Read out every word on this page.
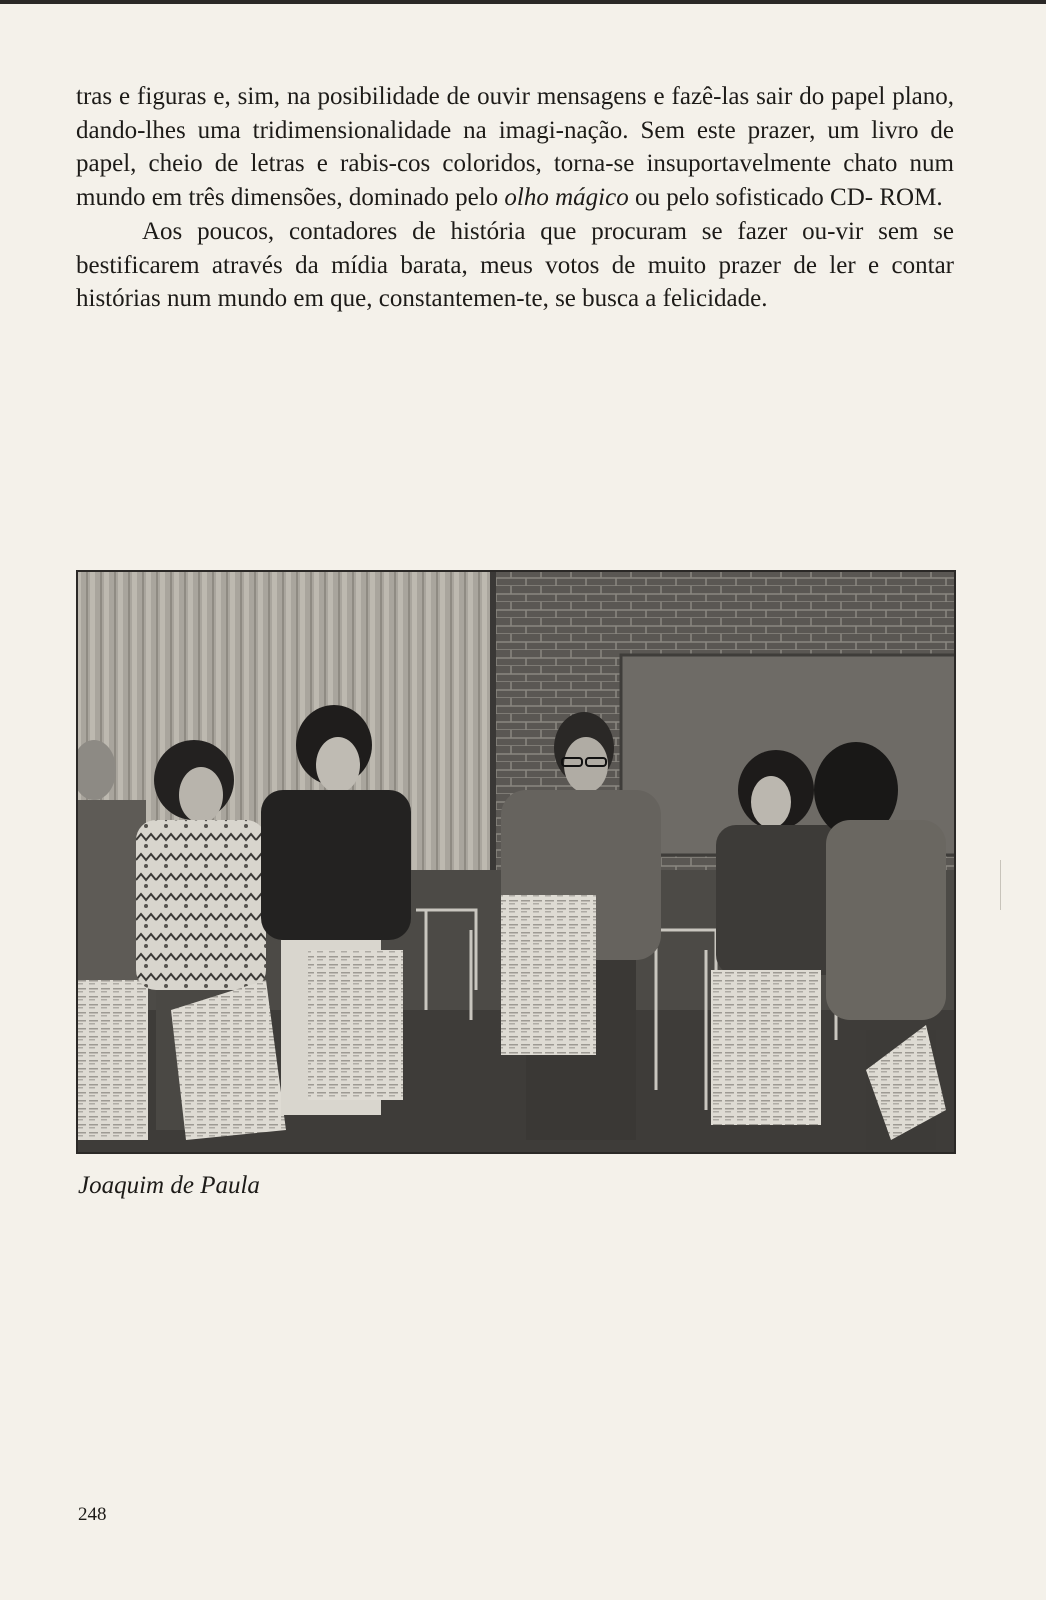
tras e figuras e, sim, na posibilidade de ouvir mensagens e fazê-las sair do papel plano, dando-lhes uma tridimensionalidade na imagi-nação. Sem este prazer, um livro de papel, cheio de letras e rabis-cos coloridos, torna-se insuportavelmente chato num mundo em três dimensões, dominado pelo olho mágico ou pelo sofisticado CD- ROM.

Aos poucos, contadores de história que procuram se fazer ou-vir sem se bestificarem através da mídia barata, meus votos de muito prazer de ler e contar histórias num mundo em que, constantemen-te, se busca a felicidade.

Joaquim de Paula
248
